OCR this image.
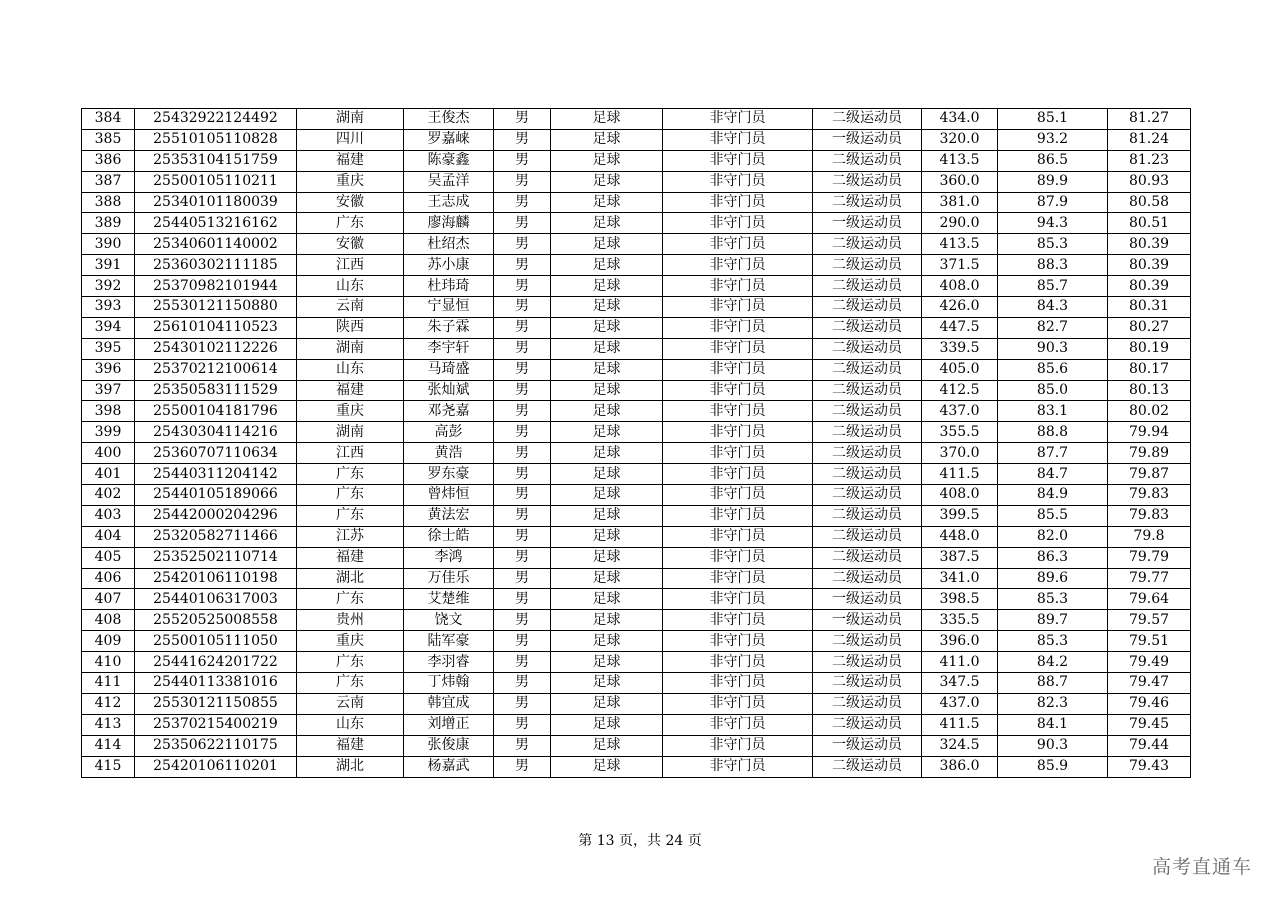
384	25432922124492	湖南	王俊杰	男	足球	非守门员	二级运动员	434.0	85.1	81.27
385	25510105110828	四川	罗嘉崃	男	足球	非守门员	一级运动员	320.0	93.2	81.24
386	25353104151759	福建	陈豪鑫	男	足球	非守门员	二级运动员	413.5	86.5	81.23
387	25500105110211	重庆	吴孟洋	男	足球	非守门员	二级运动员	360.0	89.9	80.93
388	25340101180039	安徽	王志成	男	足球	非守门员	二级运动员	381.0	87.9	80.58
389	25440513216162	广东	廖海麟	男	足球	非守门员	一级运动员	290.0	94.3	80.51
390	25340601140002	安徽	杜绍杰	男	足球	非守门员	二级运动员	413.5	85.3	80.39
391	25360302111185	江西	苏小康	男	足球	非守门员	二级运动员	371.5	88.3	80.39
392	25370982101944	山东	杜玮琦	男	足球	非守门员	二级运动员	408.0	85.7	80.39
393	25530121150880	云南	宁显恒	男	足球	非守门员	二级运动员	426.0	84.3	80.31
394	25610104110523	陕西	朱子霖	男	足球	非守门员	二级运动员	447.5	82.7	80.27
395	25430102112226	湖南	李宇轩	男	足球	非守门员	二级运动员	339.5	90.3	80.19
396	25370212100614	山东	马琦盛	男	足球	非守门员	二级运动员	405.0	85.6	80.17
397	25350583111529	福建	张灿斌	男	足球	非守门员	二级运动员	412.5	85.0	80.13
398	25500104181796	重庆	邓尧嘉	男	足球	非守门员	二级运动员	437.0	83.1	80.02
399	25430304114216	湖南	高彭	男	足球	非守门员	二级运动员	355.5	88.8	79.94
400	25360707110634	江西	黄浩	男	足球	非守门员	二级运动员	370.0	87.7	79.89
401	25440311204142	广东	罗东豪	男	足球	非守门员	二级运动员	411.5	84.7	79.87
402	25440105189066	广东	曾炜恒	男	足球	非守门员	二级运动员	408.0	84.9	79.83
403	25442000204296	广东	黄法宏	男	足球	非守门员	二级运动员	399.5	85.5	79.83
404	25320582711466	江苏	徐士皓	男	足球	非守门员	二级运动员	448.0	82.0	79.8
405	25352502110714	福建	李鸿	男	足球	非守门员	二级运动员	387.5	86.3	79.79
406	25420106110198	湖北	万佳乐	男	足球	非守门员	二级运动员	341.0	89.6	79.77
407	25440106317003	广东	艾楚维	男	足球	非守门员	一级运动员	398.5	85.3	79.64
408	25520525008558	贵州	饶文	男	足球	非守门员	一级运动员	335.5	89.7	79.57
409	25500105111050	重庆	陆军豪	男	足球	非守门员	二级运动员	396.0	85.3	79.51
410	25441624201722	广东	李羽睿	男	足球	非守门员	二级运动员	411.0	84.2	79.49
411	25440113381016	广东	丁炜翰	男	足球	非守门员	二级运动员	347.5	88.7	79.47
412	25530121150855	云南	韩宜成	男	足球	非守门员	二级运动员	437.0	82.3	79.46
413	25370215400219	山东	刘增正	男	足球	非守门员	二级运动员	411.5	84.1	79.45
414	25350622110175	福建	张俊康	男	足球	非守门员	一级运动员	324.5	90.3	79.44
415	25420106110201	湖北	杨嘉武	男	足球	非守门员	二级运动员	386.0	85.9	79.43
第 13 页，共 24 页
高考直通车
